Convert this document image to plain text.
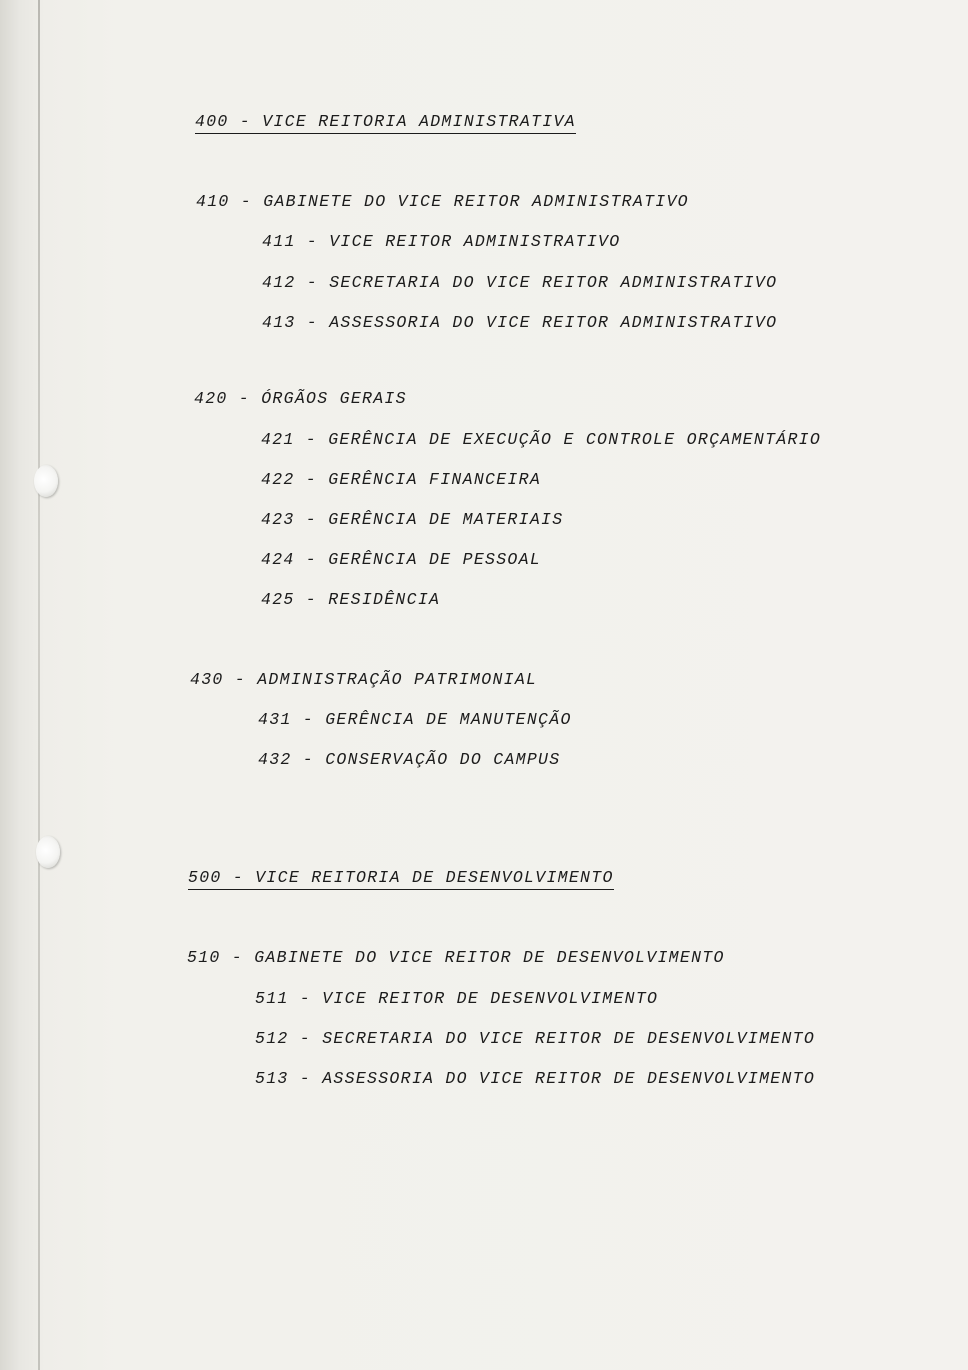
400 - VICE REITORIA ADMINISTRATIVA
410 - GABINETE DO VICE REITOR ADMINISTRATIVO
411 - VICE REITOR ADMINISTRATIVO
412 - SECRETARIA DO VICE REITOR ADMINISTRATIVO
413 - ASSESSORIA DO VICE REITOR ADMINISTRATIVO
420 - ÓRGÃOS GERAIS
421 - GERÊNCIA DE EXECUÇÃO E CONTROLE ORÇAMENTÁRIO
422 - GERÊNCIA FINANCEIRA
423 - GERÊNCIA DE MATERIAIS
424 - GERÊNCIA DE PESSOAL
425 - RESIDÊNCIA
430 - ADMINISTRAÇÃO PATRIMONIAL
431 - GERÊNCIA DE MANUTENÇÃO
432 - CONSERVAÇÃO DO CAMPUS
500 - VICE REITORIA DE DESENVOLVIMENTO
510 - GABINETE DO VICE REITOR DE DESENVOLVIMENTO
511 - VICE REITOR DE DESENVOLVIMENTO
512 - SECRETARIA DO VICE REITOR DE DESENVOLVIMENTO
513 - ASSESSORIA DO VICE REITOR DE DESENVOLVIMENTO
